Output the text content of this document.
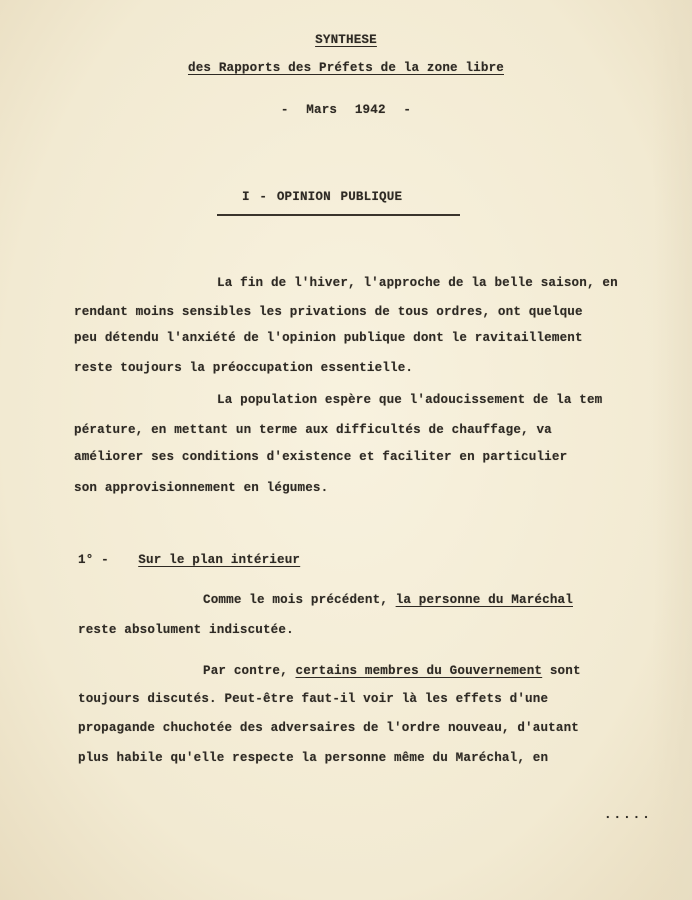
SYNTHESE
des Rapports des Préfets de la zone libre
- Mars 1942 -
I - OPINION PUBLIQUE
La fin de l'hiver, l'approche de la belle saison, en
rendant moins sensibles les privations de tous ordres, ont quelque
peu détendu l'anxiété de l'opinion publique dont le ravitaillement
reste toujours la préoccupation essentielle.
La population espère que l'adoucissement de la tem
pérature, en mettant un terme aux difficultés de chauffage, va
améliorer ses conditions d'existence et faciliter en particulier
son approvisionnement en légumes.
1° - Sur le plan intérieur
Comme le mois précédent, la personne du Maréchal
reste absolument indiscutée.
Par contre, certains membres du Gouvernement sont
toujours discutés. Peut-être faut-il voir là les effets d'une
propagande chuchotée des adversaires de l'ordre nouveau, d'autant
plus habile qu'elle respecte la personne même du Maréchal, en
.....
